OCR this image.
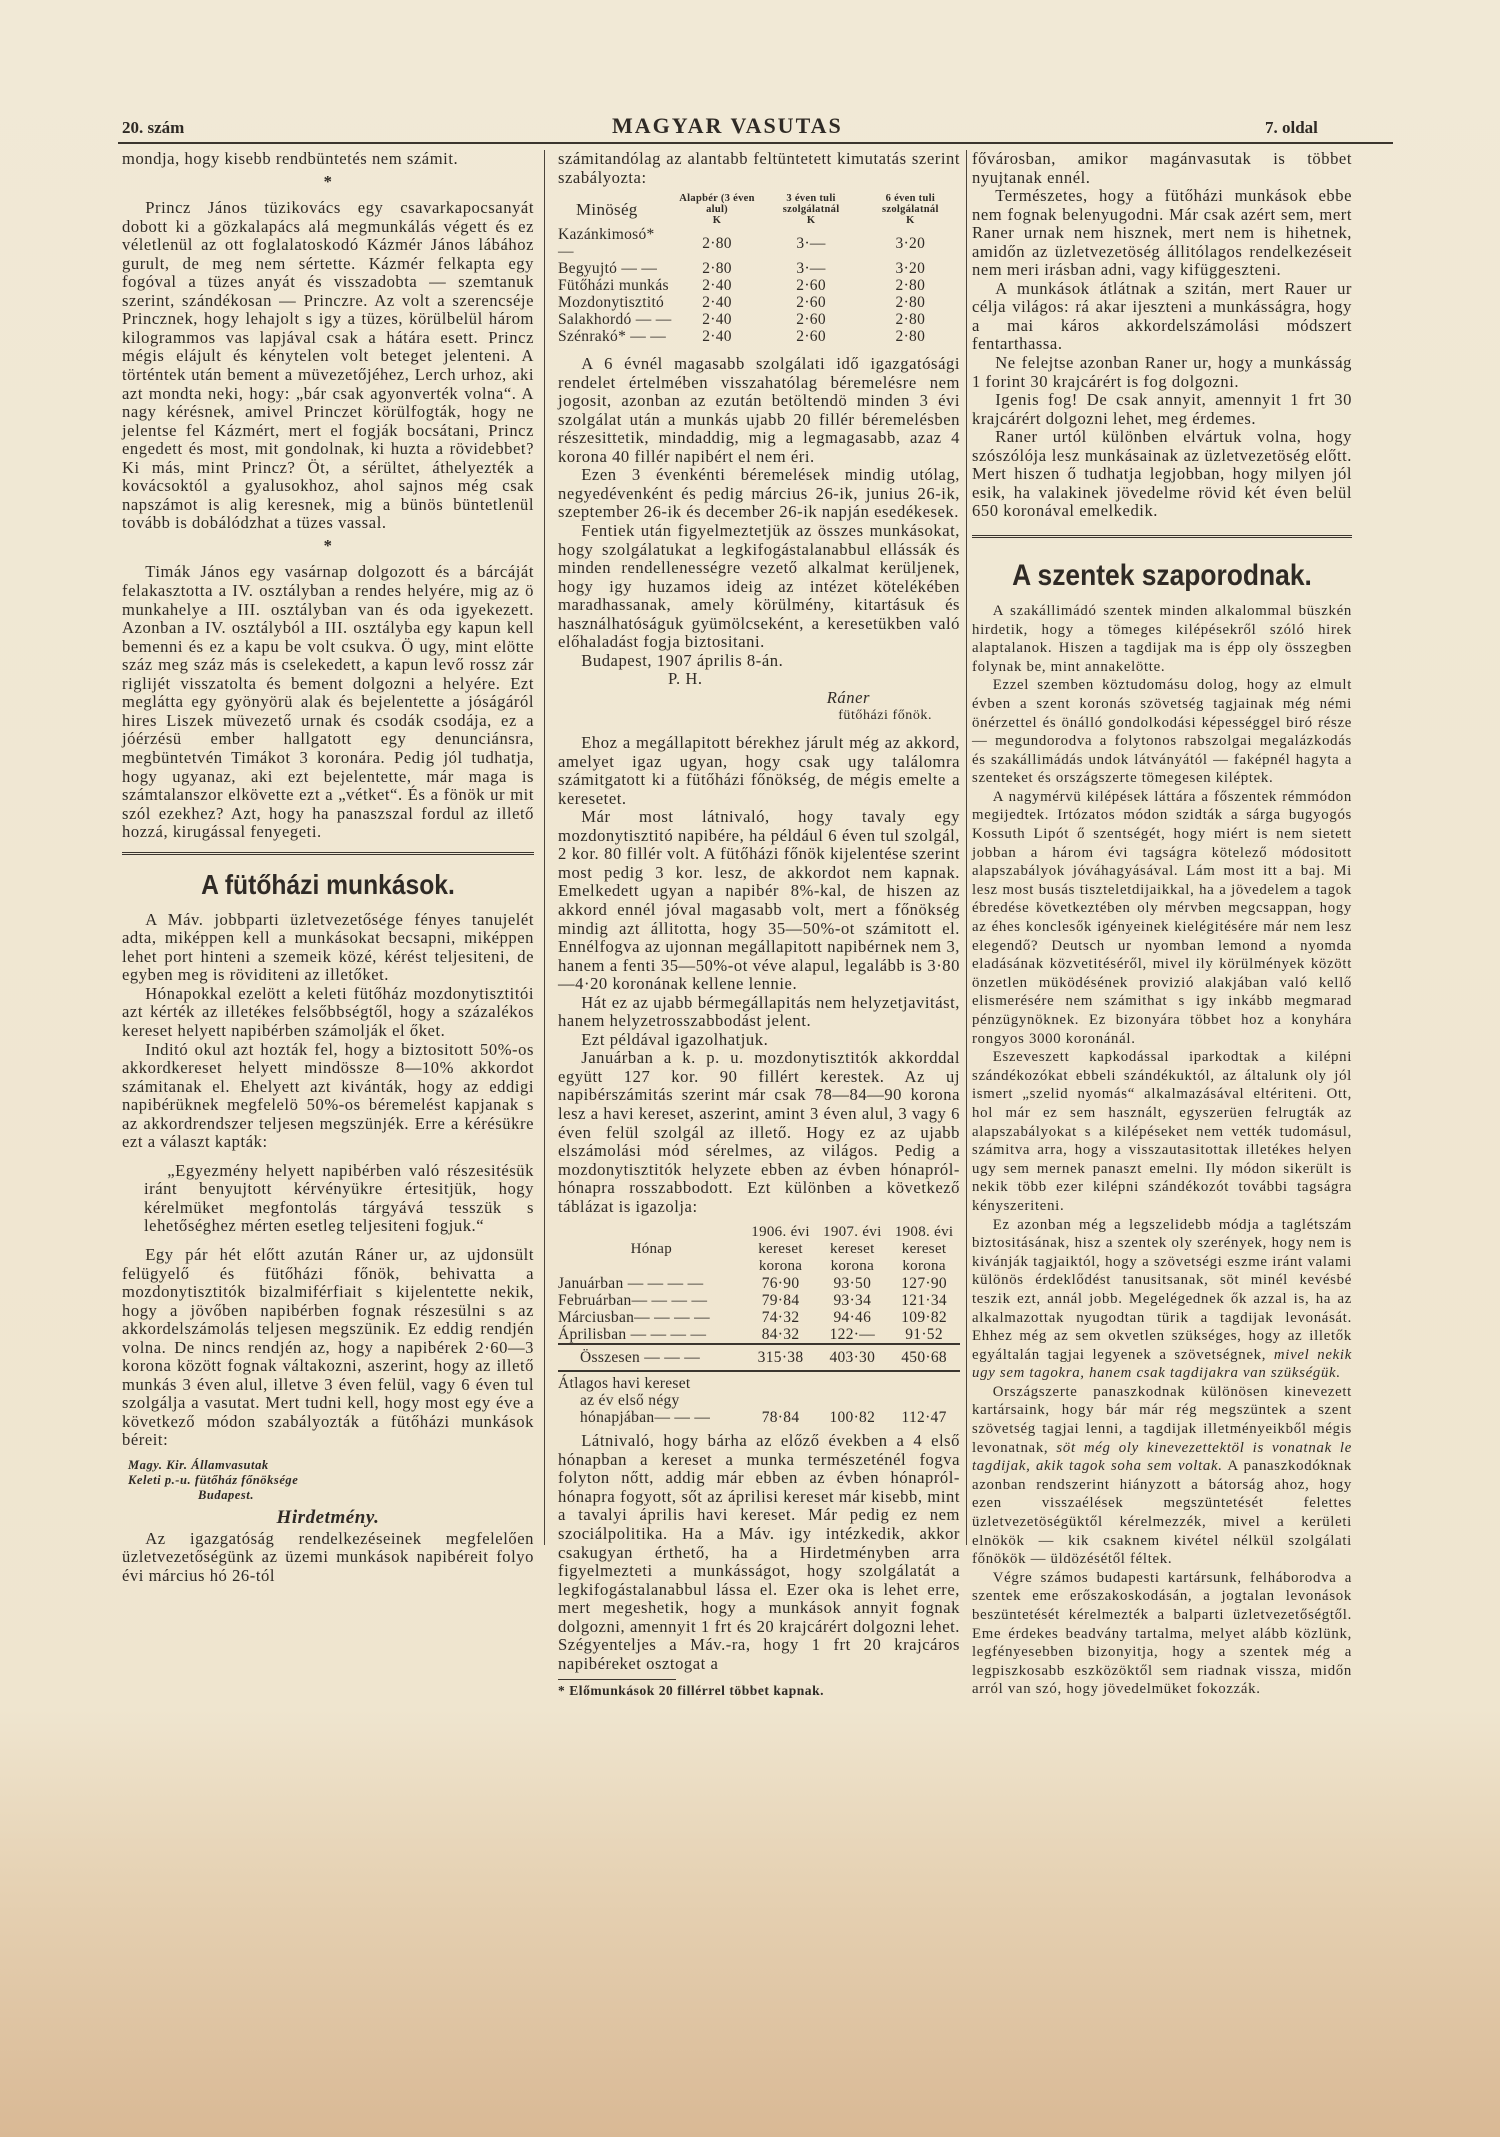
20. szám	MAGYAR VASUTAS	7. oldal

mondja, hogy kisebb rendbüntetés nem számit.

*

Princz János tüzikovács egy csavarkapocsanyát dobott ki a gözkalapács alá megmunkálás végett és ez véletlenül az ott foglalatoskodó Kázmér János lábához gurult, de meg nem sértette. Kázmér felkapta egy fogóval a tüzes anyát és visszadobta — szemtanuk szerint, szándékosan — Princzre. Az volt a szerencséje Princznek, hogy lehajolt s igy a tüzes, körülbelül három kilogrammos vas lapjával csak a hátára esett. Princz mégis elájult és kénytelen volt beteget jelenteni. A történtek után bement a müvezetőjéhez, Lerch urhoz, aki azt mondta neki, hogy: „bár csak agyonverték volna“. A nagy kérésnek, amivel Princzet körülfogták, hogy ne jelentse fel Kázmért, mert el fogják bocsátani, Princz engedett és most, mit gondolnak, ki huzta a rövidebbet? Ki más, mint Princz? Öt, a sérültet, áthelyezték a kovácsoktól a gyalusokhoz, ahol sajnos még csak napszámot is alig keresnek, mig a bünös büntetlenül tovább is dobálódzhat a tüzes vassal.

*

Timák János egy vasárnap dolgozott és a bárcáját felakasztotta a IV. osztályban a rendes helyére, mig az ö munkahelye a III. osztályban van és oda igyekezett. Azonban a IV. osztályból a III. osztályba egy kapun kell bemenni és ez a kapu be volt csukva. Ö ugy, mint elötte száz meg száz más is cselekedett, a kapun levő rossz zár riglijét visszatolta és bement dolgozni a helyére. Ezt meglátta egy gyönyörü alak és bejelentette a jóságáról hires Liszek müvezető urnak és csodák csodája, ez a jóérzésü ember hallgatott egy denunciánsra, megbüntetvén Timákot 3 koronára. Pedig jól tudhatja, hogy ugyanaz, aki ezt bejelentette, már maga is számtalanszor elkövette ezt a „vétket“. És a fönök ur mit szól ezekhez? Azt, hogy ha panaszszal fordul az illető hozzá, kirugással fenyegeti.

A fütőházi munkások.

A Máv. jobbparti üzletvezetősége fényes tanujelét adta, miképpen kell a munkásokat becsapni, miképpen lehet port hinteni a szemeik közé, kérést teljesiteni, de egyben meg is röviditeni az illetőket.

Hónapokkal ezelött a keleti fütőház mozdonytisztitói azt kérték az illetékes felsőbbségtől, hogy a százalékos kereset helyett napibérben számolják el őket.

Inditó okul azt hozták fel, hogy a biztositott 50%-os akkordkereset helyett mindössze 8—10% akkordot számitanak el. Ehelyett azt kivánták, hogy az eddigi napibérüknek megfelelö 50%-os béremelést kapjanak s az akkordrendszer teljesen megszünjék. Erre a kérésükre ezt a választ kapták:

„Egyezmény helyett napibérben való részesitésük iránt benyujtott kérvényükre értesitjük, hogy kérelmüket megfontolás tárgyává tesszük s lehetőséghez mérten esetleg teljesiteni fogjuk.“

Egy pár hét előtt azután Ráner ur, az ujdonsült felügyelő és fütőházi főnök, behivatta a mozdonytisztitók bizalmiférfiait s kijelentette nekik, hogy a jövőben napibérben fognak részesülni s az akkordelszámolás teljesen megszünik. Ez eddig rendjén volna. De nincs rendjén az, hogy a napibérek 2·60—3 korona között fognak váltakozni, aszerint, hogy az illető munkás 3 éven alul, illetve 3 éven felül, vagy 6 éven tul szolgálja a vasutat. Mert tudni kell, hogy most egy éve a következő módon szabályozták a fütőházi munkások béreit:

Magy. Kir. Államvasutak
Keleti p.-u. fütőház főnöksége
Budapest.
Hirdetmény.

Az igazgatóság rendelkezéseinek megfelelően üzletvezetőségünk az üzemi munkások napibéreit folyo évi március hó 26-tól

számitandólag az alantabb feltüntetett kimutatás szerint szabályozta:

Minöség	Alapbér (3 éven alul)	3 éven tuli szolgálatnál	6 éven tuli szolgálatnál
	K	K	K
Kazánkimosó* —	2·80	3·—	3·20
Begyujtó — —	2·80	3·—	3·20
Fütőházi munkás	2·40	2·60	2·80
Mozdonytisztitó	2·40	2·60	2·80
Salakhordó — —	2·40	2·60	2·80
Szénrakó* — —	2·40	2·60	2·80

A 6 évnél magasabb szolgálati idő igazgatósági rendelet értelmében visszahatólag béremelésre nem jogosit, azonban az ezután betöltendö minden 3 évi szolgálat után a munkás ujabb 20 fillér béremelésben részesittetik, mindaddig, mig a legmagasabb, azaz 4 korona 40 fillér napibért el nem éri.

Ezen 3 évenkénti béremelések mindig utólag, negyedévenként és pedig március 26-ik, junius 26-ik, szeptember 26-ik és december 26-ik napján esedékesek.

Fentiek után figyelmeztetjük az összes munkásokat, hogy szolgálatukat a legkifogástalanabbul ellássák és minden rendellenességre vezető alkalmat kerüljenek, hogy igy huzamos ideig az intézet kötelékében maradhassanak, amely körülmény, kitartásuk és használhatóságuk gyümölcseként, a keresetükben való előhaladást fogja biztositani.

Budapest, 1907 április 8-án.

P. H.

Ráner
fütőházi főnök.

Ehoz a megállapitott bérekhez járult még az akkord, amelyet igaz ugyan, hogy csak ugy találomra számitgatott ki a fütőházi főnökség, de mégis emelte a keresetet.

Már most látnivaló, hogy tavaly egy mozdonytisztitó napibére, ha például 6 éven tul szolgál, 2 kor. 80 fillér volt. A fütőházi főnök kijelentése szerint most pedig 3 kor. lesz, de akkordot nem kapnak. Emelkedett ugyan a napibér 8%-kal, de hiszen az akkord ennél jóval magasabb volt, mert a főnökség mindig azt állitotta, hogy 35—50%-ot számitott el. Ennélfogva az ujonnan megállapitott napibérnek nem 3, hanem a fenti 35—50%-ot véve alapul, legalább is 3·80—4·20 koronának kellene lennie.

Hát ez az ujabb bérmegállapitás nem helyzetjavitást, hanem helyzetrosszabbodást jelent.

Ezt példával igazolhatjuk.

Januárban a k. p. u. mozdonytisztitók akkorddal együtt 127 kor. 90 fillért kerestek. Az uj napibérszámitás szerint már csak 78—84—90 korona lesz a havi kereset, aszerint, amint 3 éven alul, 3 vagy 6 éven felül szolgál az illető. Hogy ez az ujabb elszámolási mód sérelmes, az világos. Pedig a mozdonytisztitók helyzete ebben az évben hónapról-hónapra rosszabbodott. Ezt különben a következő táblázat is igazolja:

Hónap	1906. évi
kereset
korona	1907. évi
kereset
korona	1908. évi
kereset
korona
Januárban — — — —	76·90	93·50	127·90
Februárban— — — —	79·84	93·34	121·34
Márciusban— — — —	74·32	94·46	109·82
Áprilisban — — — —	84·32	122·—	91·52
Összesen — — —	315·38	403·30	450·68
Átlagos havi kereset
az év első négy
hónapjában— — —	78·84	100·82	112·47

Látnivaló, hogy bárha az előző években a 4 első hónapban a kereset a munka természeténél fogva folyton nőtt, addig már ebben az évben hónapról-hónapra fogyott, sőt az áprilisi kereset már kisebb, mint a tavalyi április havi kereset. Már pedig ez nem szociálpolitika. Ha a Máv. igy intézkedik, akkor csakugyan érthető, ha a Hirdetményben arra figyelmezteti a munkásságot, hogy szolgálatát a legkifogástalanabbul lássa el. Ezer oka is lehet erre, mert megeshetik, hogy a munkások annyit fognak dolgozni, amennyit 1 frt és 20 krajcárért dolgozni lehet. Szégyenteljes a Máv.-ra, hogy 1 frt 20 krajcáros napibéreket osztogat a

* Előmunkások 20 fillérrel többet kapnak.

fővárosban, amikor magánvasutak is többet nyujtanak ennél.

Természetes, hogy a fütőházi munkások ebbe nem fognak belenyugodni. Már csak azért sem, mert Raner urnak nem hisznek, mert nem is hihetnek, amidőn az üzletvezetöség állitólagos rendelkezéseit nem meri irásban adni, vagy kifüggeszteni.

A munkások átlátnak a szitán, mert Rauer ur célja világos: rá akar ijeszteni a munkásságra, hogy a mai káros akkordelszámolási módszert fentarthassa.

Ne felejtse azonban Raner ur, hogy a munkásság 1 forint 30 krajcárért is fog dolgozni.

Igenis fog! De csak annyit, amennyit 1 frt 30 krajcárért dolgozni lehet, meg érdemes.

Raner urtól különben elvártuk volna, hogy szószólója lesz munkásainak az üzletvezetöség előtt. Mert hiszen ő tudhatja legjobban, hogy milyen jól esik, ha valakinek jövedelme rövid két éven belül 650 koronával emelkedik.

A szentek szaporodnak.

A szakállimádó szentek minden alkalommal büszkén hirdetik, hogy a tömeges kilépésekről szóló hirek alaptalanok. Hiszen a tagdijak ma is épp oly összegben folynak be, mint annakelötte.

Ezzel szemben köztudomásu dolog, hogy az elmult évben a szent koronás szövetség tagjainak még némi önérzettel és önálló gondolkodási képességgel biró része — megundorodva a folytonos rabszolgai megalázkodás és szakállimádás undok látványától — faképnél hagyta a szenteket és országszerte tömegesen kiléptek.

A nagymérvü kilépések láttára a főszentek rémmódon megijedtek. Irtózatos módon szidták a sárga bugyogós Kossuth Lipót ő szentségét, hogy miért is nem sietett jobban a három évi tagságra kötelező módositott alapszabályok jóváhagyásával. Lám most itt a baj. Mi lesz most busás tiszteletdijaikkal, ha a jövedelem a tagok ébredése következtében oly mérvben megcsappan, hogy az éhes konclesők igényeinek kielégitésére már nem lesz elegendő? Deutsch ur nyomban lemond a nyomda eladásának közvetitéséről, mivel ily körülmények között önzetlen müködésének provizió alakjában való kellő elismerésére nem számithat s igy inkább megmarad pénzügynöknek. Ez bizonyára többet hoz a konyhára rongyos 3000 koronánál.

Eszeveszett kapkodással iparkodtak a kilépni szándékozókat ebbeli szándékuktól, az általunk oly jól ismert „szelid nyomás“ alkalmazásával eltériteni. Ott, hol már ez sem használt, egyszerüen felrugták az alapszabályokat s a kilépéseket nem vették tudomásul, számitva arra, hogy a visszautasitottak illetékes helyen ugy sem mernek panaszt emelni. Ily módon sikerült is nekik több ezer kilépni szándékozót további tagságra kényszeriteni.

Ez azonban még a legszelidebb módja a taglétszám biztositásának, hisz a szentek oly szerények, hogy nem is kivánják tagjaiktól, hogy a szövetségi eszme iránt valami különös érdeklődést tanusitsanak, söt minél kevésbé teszik ezt, annál jobb. Megelégednek ők azzal is, ha az alkalmazottak nyugodtan türik a tagdijak levonását. Ehhez még az sem okvetlen szükséges, hogy az illetők egyáltalán tagjai legyenek a szövetségnek, mivel nekik ugy sem tagokra, hanem csak tagdijakra van szükségük.

Országszerte panaszkodnak különösen kinevezett kartársaink, hogy bár már rég megszüntek a szent szövetség tagjai lenni, a tagdijak illetményeikből mégis levonatnak, söt még oly kinevezettektöl is vonatnak le tagdijak, akik tagok soha sem voltak. A panaszkodóknak azonban rendszerint hiányzott a bátorság ahoz, hogy ezen visszaélések megszüntetését felettes üzletvezetöségüktől kérelmezzék, mivel a kerületi elnökök — kik csaknem kivétel nélkül szolgálati főnökök — üldözésétől féltek.

Végre számos budapesti kartársunk, felháborodva a szentek eme erőszakoskodásán, a jogtalan levonások beszüntetését kérelmezték a balparti üzletvezetőségtől. Eme érdekes beadvány tartalma, melyet alább közlünk, legfényesebben bizonyitja, hogy a szentek még a legpiszkosabb eszközöktől sem riadnak vissza, midőn arról van szó, hogy jövedelmüket fokozzák.
